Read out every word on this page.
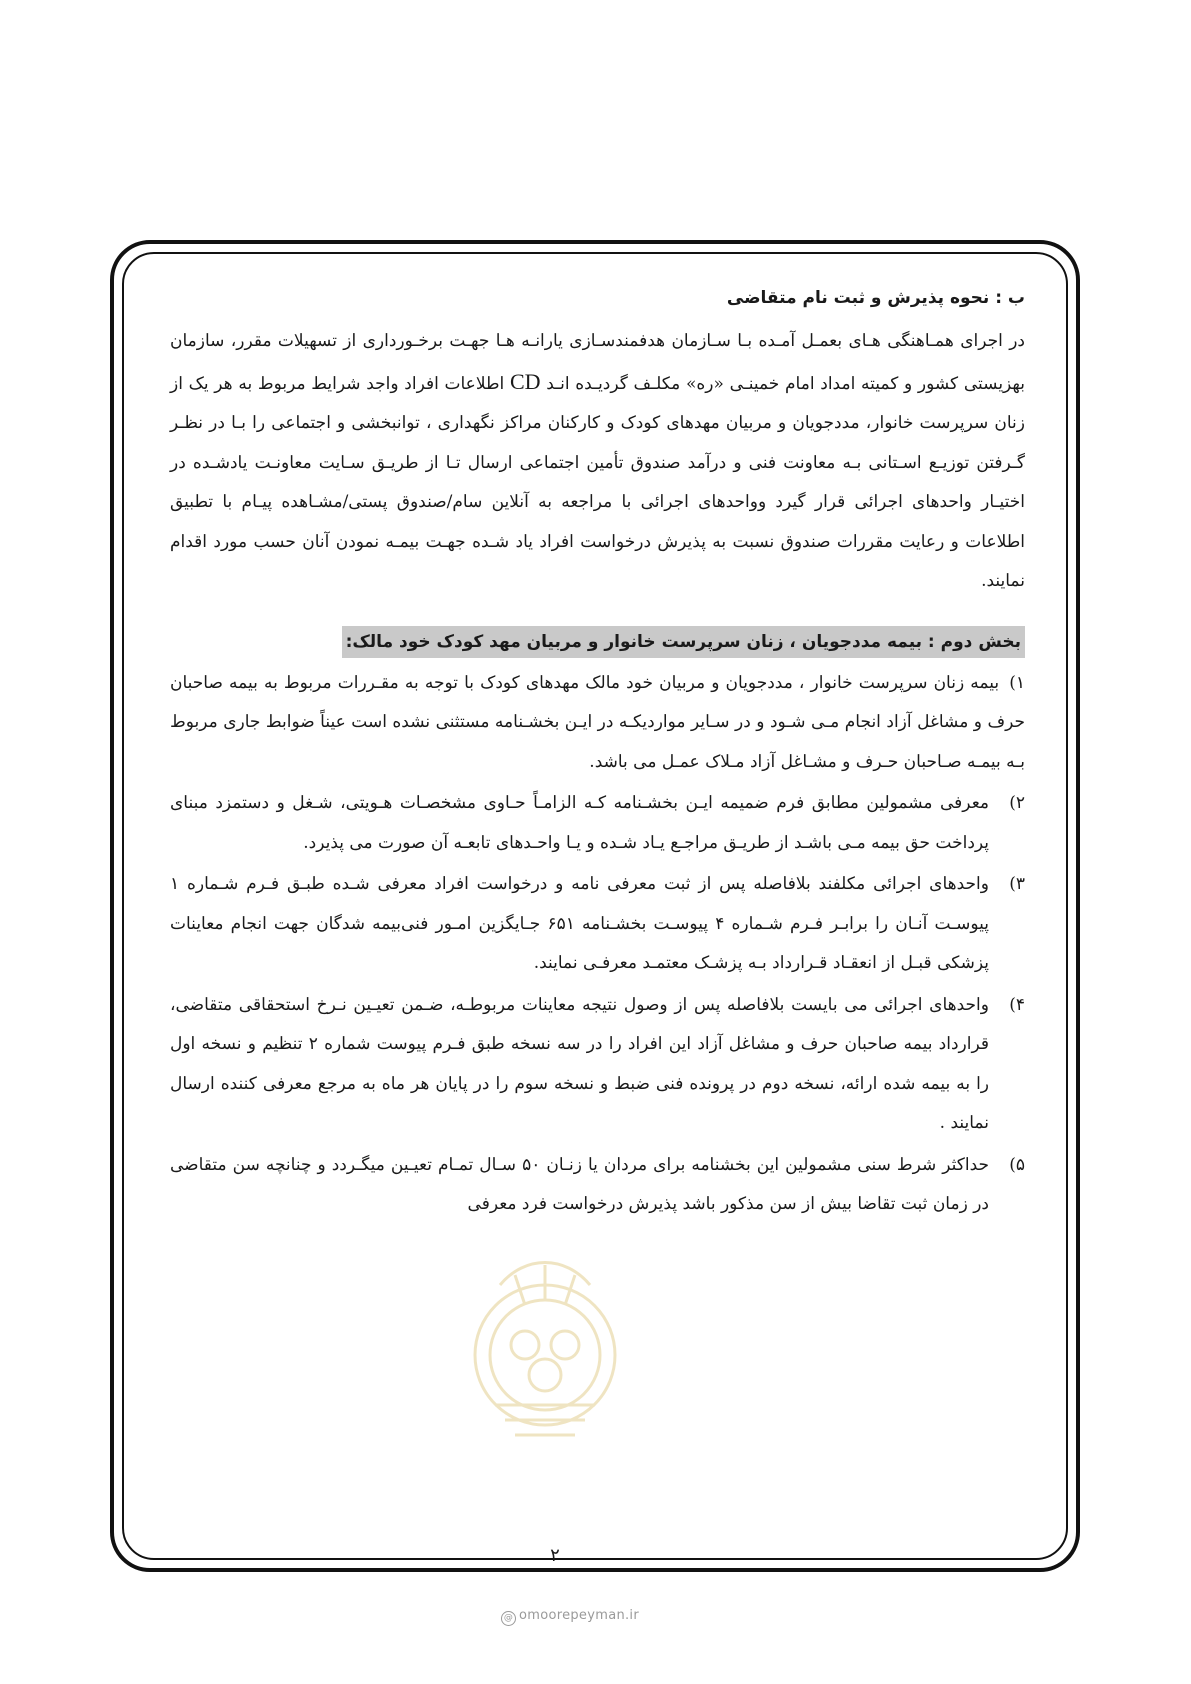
ب : نحوه پذیرش و ثبت نام متقاضی

در اجرای همـاهنگی هـای بعمـل آمـده بـا سـازمان هدفمندسـازی یارانـه هـا جهـت برخـورداری از تسهیلات مقرر، سازمان بهزیستی کشور و کمیته امداد امام خمینـی «ره» مکلـف گردیـده انـد CD اطلاعات افراد واجد شرایط مربوط به هر یک از زنان سرپرست خانوار، مددجویان و مربیان مهدهای کودک و کارکنان مراکز نگهداری ، توانبخشی و اجتماعی را بـا در نظـر گـرفتن توزیـع اسـتانی بـه معاونت فنی و درآمد صندوق تأمین اجتماعی ارسال تـا از طریـق سـایت معاونـت یادشـده در اختیـار واحدهای اجرائی قرار گیرد وواحدهای اجرائی با مراجعه به آنلاین سام/صندوق پستی/مشـاهده پیـام با تطبیق اطلاعات و رعایت مقررات صندوق نسبت به پذیرش درخواست افراد یاد شـده جهـت بیمـه نمودن آنان حسب مورد اقدام نمایند.

بخش دوم : بیمه مددجویان ، زنان سرپرست خانوار و مربیان مهد کودک خود مالک:
۱) بیمه زنان سرپرست خانوار ، مددجویان و مربیان خود مالک مهدهای کودک با توجه به مقـررات مربوط به بیمه صاحبان حرف و مشاغل آزاد انجام مـی شـود و در سـایر مواردیکـه در ایـن بخشـنامه مستثنی نشده است عیناً ضوابط جاری مربوط بـه بیمـه صـاحبان حـرف و مشـاغل آزاد مـلاک عمـل می باشد.
۲)
معرفی مشمولین مطابق فرم ضمیمه ایـن بخشـنامه کـه الزامـاً حـاوی مشخصـات هـویتی، شـغل و دستمزد مبنای پرداخت حق بیمه مـی باشـد از طریـق مراجـع یـاد شـده و یـا واحـدهای تابعـه آن صورت می پذیرد.
۳)
واحدهای اجرائی مکلفند بلافاصله پس از ثبت معرفی نامه و درخواست افراد معرفی شـده طبـق فـرم شـماره ۱ پیوسـت آنـان را برابـر فـرم شـماره ۴ پیوسـت بخشـنامه ۶۵۱ جـایگزین امـور فنی‌بیمه شدگان جهت انجام معاینات پزشکی قبـل از انعقـاد قـرارداد بـه پزشـک معتمـد معرفـی نمایند.
۴)
واحدهای اجرائی می بایست بلافاصله پس از وصول نتیجه معاینات مربوطـه، ضـمن تعیـین نـرخ استحقاقی متقاضی، قرارداد بیمه صاحبان حرف و مشاغل آزاد این افراد را در سه نسخه طبق فـرم پیوست شماره ۲ تنظیم و نسخه اول را به بیمه شده ارائه، نسخه دوم در پرونده فنی ضبط و نسخه سوم را در پایان هر ماه به مرجع معرفی کننده ارسال نمایند .
۵)
حداکثر شرط سنی مشمولین این بخشنامه برای مردان یا زنـان ۵۰ سـال تمـام تعیـین میگـردد و چنانچه سن متقاضی در زمان ثبت تقاضا بیش از سن مذکور باشد پذیرش درخواست فرد معرفی
۲
@ omoorepeyman.ir
